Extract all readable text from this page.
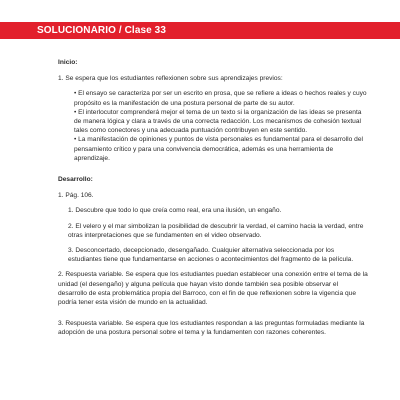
SOLUCIONARIO / Clase 33
Inicio:
1. Se espera que los estudiantes reflexionen sobre sus aprendizajes previos:
• El ensayo se caracteriza por ser un escrito en prosa, que se refiere a ideas o hechos reales y cuyo propósito es la manifestación de una postura personal de parte de su autor.
• El interlocutor comprenderá mejor el tema de un texto si la organización de las ideas se presenta de manera lógica y clara a través de una correcta redacción. Los mecanismos de cohesión textual tales como conectores y una adecuada puntuación contribuyen en este sentido.
• La manifestación de opiniones y puntos de vista personales es fundamental para el desarrollo del pensamiento crítico y para una convivencia democrática, además es una herramienta de aprendizaje.
Desarrollo:
1. Pág. 106.
1. Descubre que todo lo que creía como real, era una ilusión, un engaño.
2. El velero y el mar simbolizan la posibilidad de descubrir la verdad, el camino hacia la verdad, entre otras interpretaciones que se fundamenten en el video observado.
3. Desconcertado, decepcionado, desengañado. Cualquier alternativa seleccionada por los estudiantes tiene que fundamentarse en acciones o acontecimientos del fragmento de la película.
2. Respuesta variable. Se espera que los estudiantes puedan establecer una conexión entre el tema de la unidad (el desengaño) y alguna película que hayan visto donde también sea posible observar el desarrollo de esta problemática propia del Barroco, con el fin de que reflexionen sobre la vigencia que podría tener esta visión de mundo en la actualidad.
3. Respuesta variable. Se espera que los estudiantes respondan a las preguntas formuladas mediante la adopción de una postura personal sobre el tema y la fundamenten con razones coherentes.
